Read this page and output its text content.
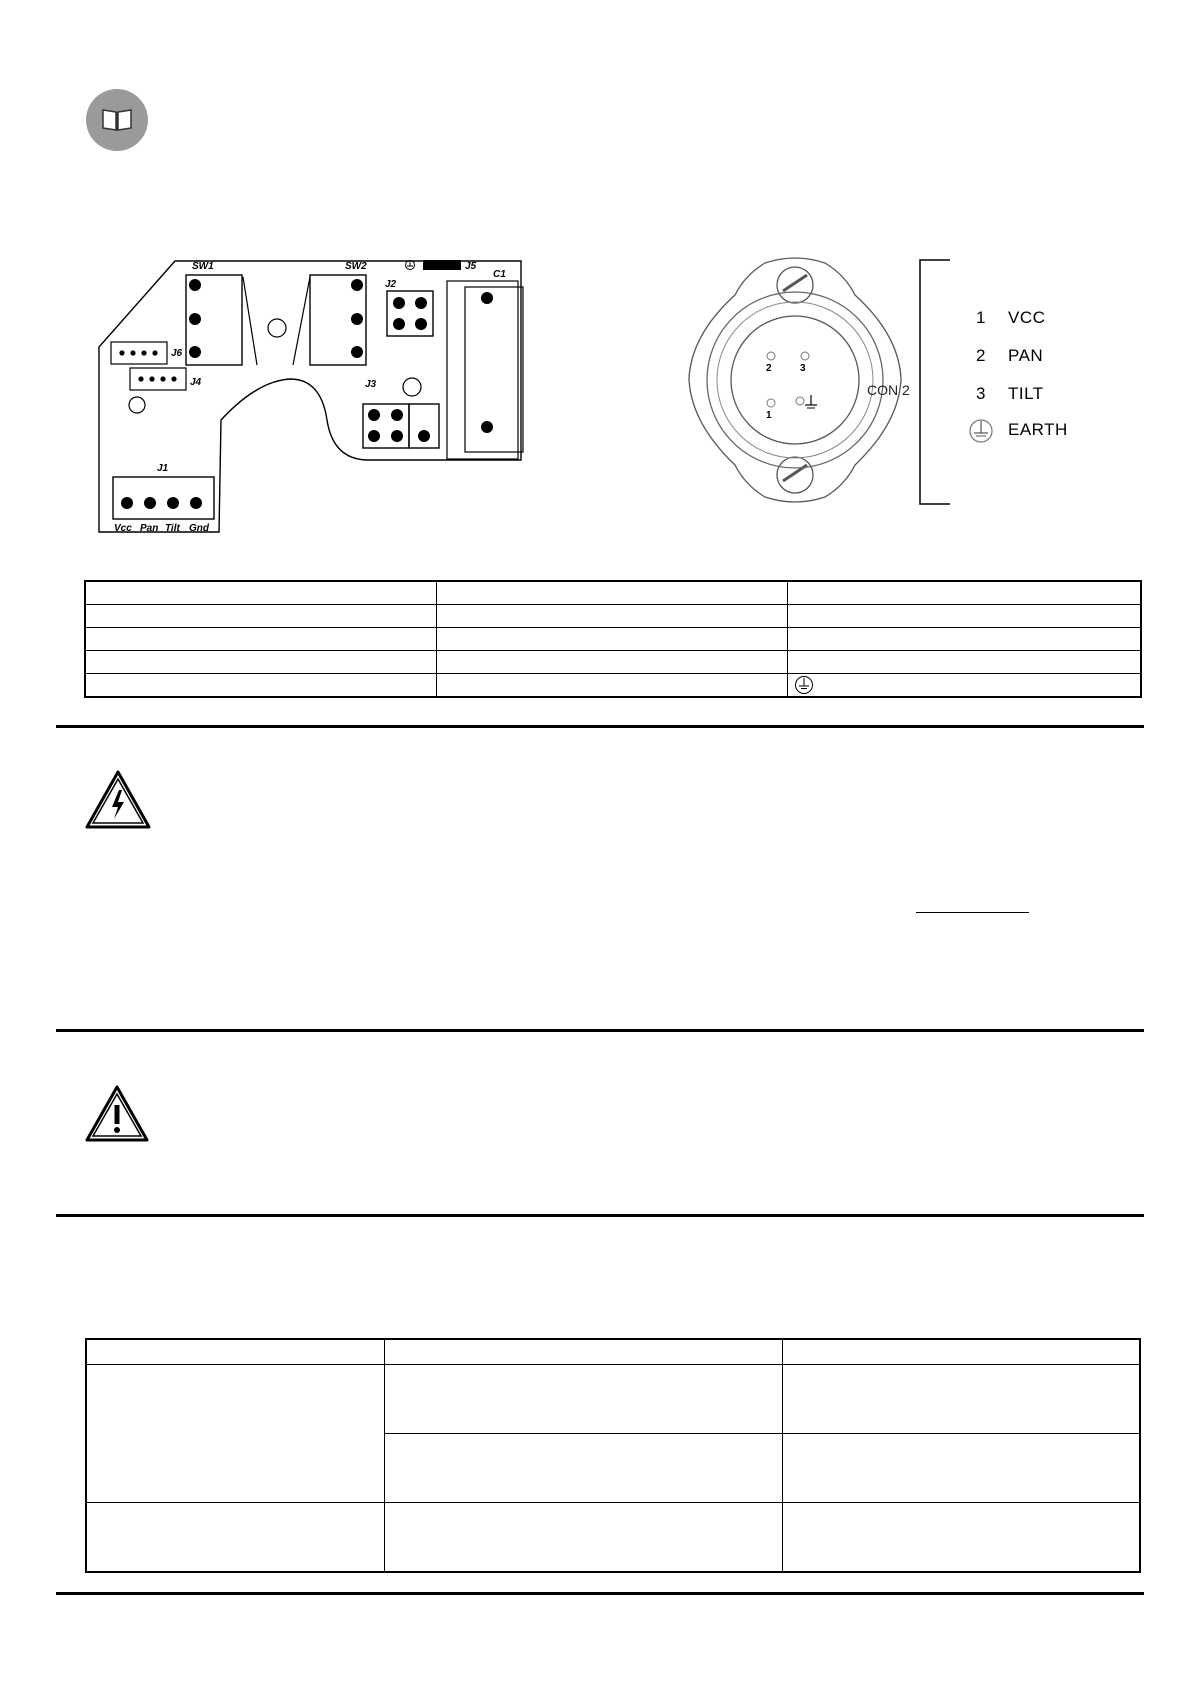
SW1	SW2	J5
J2
C1
J6
J4	J3
J1
Vcc Pan Tilt Gnd
2	3
1
CON 2
1 VCC
2 PAN
3 TILT
EARTH
